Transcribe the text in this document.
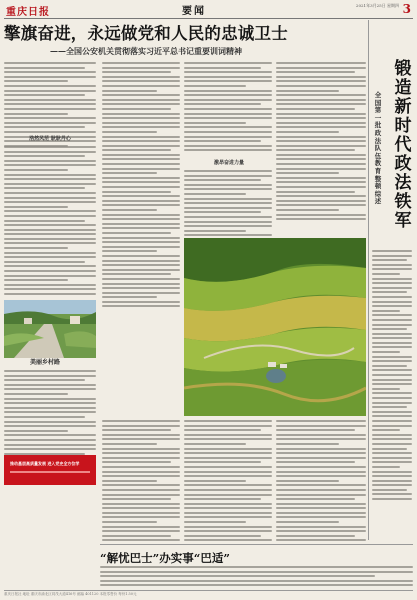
重庆日报	要闻
2021年3月25日 星期四 3
擎旗奋进，永远做党和人民的忠诚卫士
——全国公安机关贯彻落实习近平总书记重要训词精神
浩然风范 耿耿丹心
美丽乡村路
推动基层高质量发展 进入党史全方位学
激昂奋进力量
“解忧巴士”办实事“巴适”
锻造新时代政法铁军
全国第一批政法队伍教育整顿综述
重庆日报社 地址 重庆市渝北区同茂大道416号 邮编 401120 本报零售价 每份1.50元
